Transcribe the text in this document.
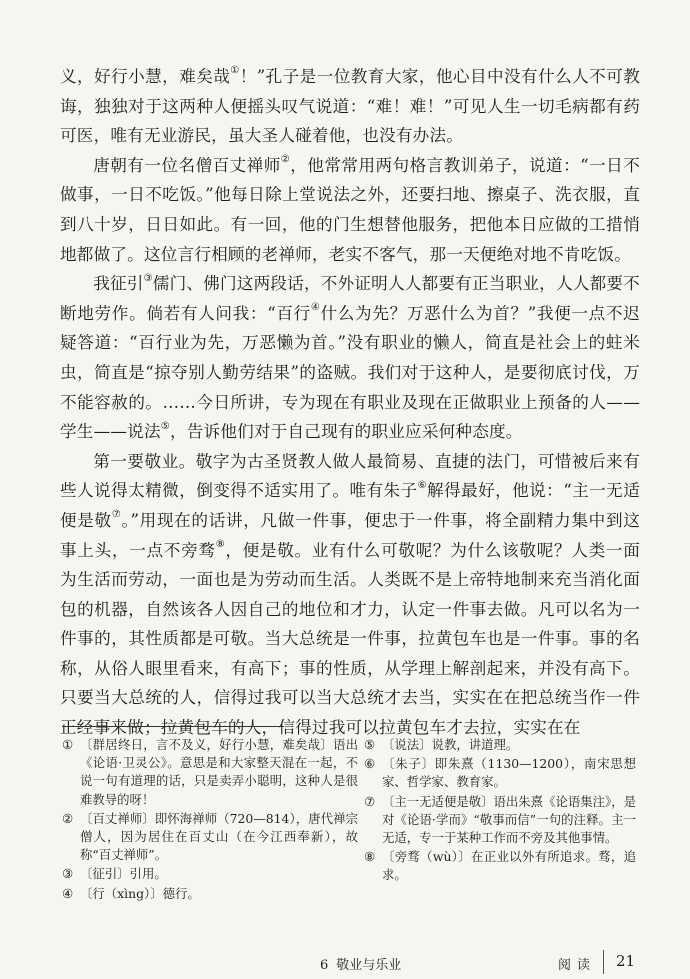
义，好行小慧，难矣哉①！”孔子是一位教育大家，他心目中没有什么人不可教诲，独独对于这两种人便摇头叹气说道：“难！难！”可见人生一切毛病都有药可医，唯有无业游民，虽大圣人碰着他，也没有办法。

唐朝有一位名僧百丈禅师②，他常常用两句格言教训弟子，说道：“一日不做事，一日不吃饭。”他每日除上堂说法之外，还要扫地、擦桌子、洗衣服，直到八十岁，日日如此。有一回，他的门生想替他服务，把他本日应做的工措悄地都做了。这位言行相顾的老禅师，老实不客气，那一天便绝对地不肯吃饭。

我征引③儒门、佛门这两段话，不外证明人人都要有正当职业，人人都要不断地劳作。倘若有人问我：“百行④什么为先？万恶什么为首？”我便一点不迟疑答道：“百行业为先，万恶懒为首。”没有职业的懒人，简直是社会上的蛀米虫，简直是“掠夺别人勤劳结果”的盗贼。我们对于这种人，是要彻底讨伐，万不能容赦的。……今日所讲，专为现在有职业及现在正做职业上预备的人——学生——说法⑤，告诉他们对于自己现有的职业应采何种态度。

第一要敬业。敬字为古圣贤教人做人最简易、直捷的法门，可惜被后来有些人说得太精微，倒变得不适实用了。唯有朱子⑥解得最好，他说：“主一无适便是敬⑦。”用现在的话讲，凡做一件事，便忠于一件事，将全副精力集中到这事上头，一点不旁骛⑧，便是敬。业有什么可敬呢？为什么该敬呢？人类一面为生活而劳动，一面也是为劳动而生活。人类既不是上帝特地制来充当消化面包的机器，自然该各人因自己的地位和才力，认定一件事去做。凡可以名为一件事的，其性质都是可敬。当大总统是一件事，拉黄包车也是一件事。事的名称，从俗人眼里看来，有高下；事的性质，从学理上解剖起来，并没有高下。只要当大总统的人，信得过我可以当大总统才去当，实实在在把总统当作一件正经事来做；拉黄包车的人，信得过我可以拉黄包车才去拉，实实在在

① 〔群居终日，言不及义，好行小慧，难矣哉〕语出《论语·卫灵公》。意思是和大家整天混在一起，不说一句有道理的话，只是卖弄小聪明，这种人是很难教导的呀！
② 〔百丈禅师〕即怀海禅师（720—814），唐代禅宗僧人，因为居住在百丈山（在今江西奉新），故称“百丈禅师”。
③ 〔征引〕引用。
④ 〔行（xìng）〕德行。
⑤ 〔说法〕说教，讲道理。
⑥ 〔朱子〕即朱熹（1130—1200），南宋思想家、哲学家、教育家。
⑦ 〔主一无适便是敬〕语出朱熹《论语集注》，是对《论语·学而》“敬事而信”一句的注释。主一无适，专一于某种工作而不旁及其他事情。
⑧ 〔旁骛（wù）〕在正业以外有所追求。骛，追求。
6 敬业与乐业	阅读 21
